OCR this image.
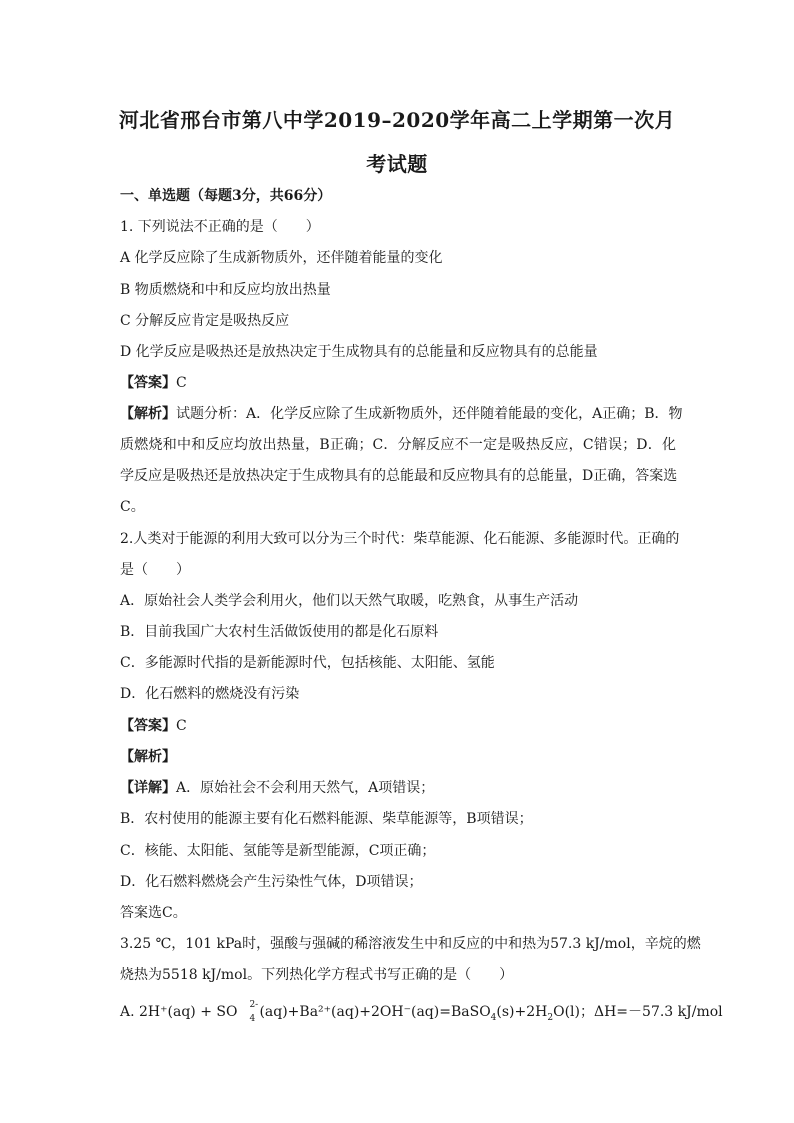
河北省邢台市第八中学2019–2020学年高二上学期第一次月
考试题
一、单选题（每题3分，共66分）
1. 下列说法不正确的是（　　）
A 化学反应除了生成新物质外，还伴随着能量的变化
B 物质燃烧和中和反应均放出热量
C 分解反应肯定是吸热反应
D 化学反应是吸热还是放热决定于生成物具有的总能量和反应物具有的总能量
【答案】C
【解析】试题分析：A．化学反应除了生成新物质外，还伴随着能最的变化，A正确；B．物
质燃烧和中和反应均放出热量，B正确；C．分解反应不一定是吸热反应，C错误；D．化
学反应是吸热还是放热决定于生成物具有的总能最和反应物具有的总能量，D正确，答案选
C。
2.人类对于能源的利用大致可以分为三个时代：柴草能源、化石能源、多能源时代。正确的
是（　　）
A．原始社会人类学会利用火，他们以天然气取暖，吃熟食，从事生产活动
B．目前我国广大农村生活做饭使用的都是化石原料
C．多能源时代指的是新能源时代，包括核能、太阳能、氢能
D．化石燃料的燃烧没有污染
【答案】C
【解析】
【详解】A．原始社会不会利用天然气，A项错误；
B．农村使用的能源主要有化石燃料能源、柴草能源等，B项错误；
C．核能、太阳能、氢能等是新型能源，C项正确；
D．化石燃料燃烧会产生污染性气体，D项错误；
答案选C。
3.25 ℃，101 kPa时，强酸与强碱的稀溶液发生中和反应的中和热为57.3 kJ/mol，辛烷的燃
烧热为5518 kJ/mol。下列热化学方程式书写正确的是（　　）
A. 2H⁺(aq) + SO 2-
4 $(aq)+Ba^{2+}(aq)+2OH^-(aq)=BaSO_4(s)+2H_2O(l)$；ΔH=－57.3 kJ/mol
